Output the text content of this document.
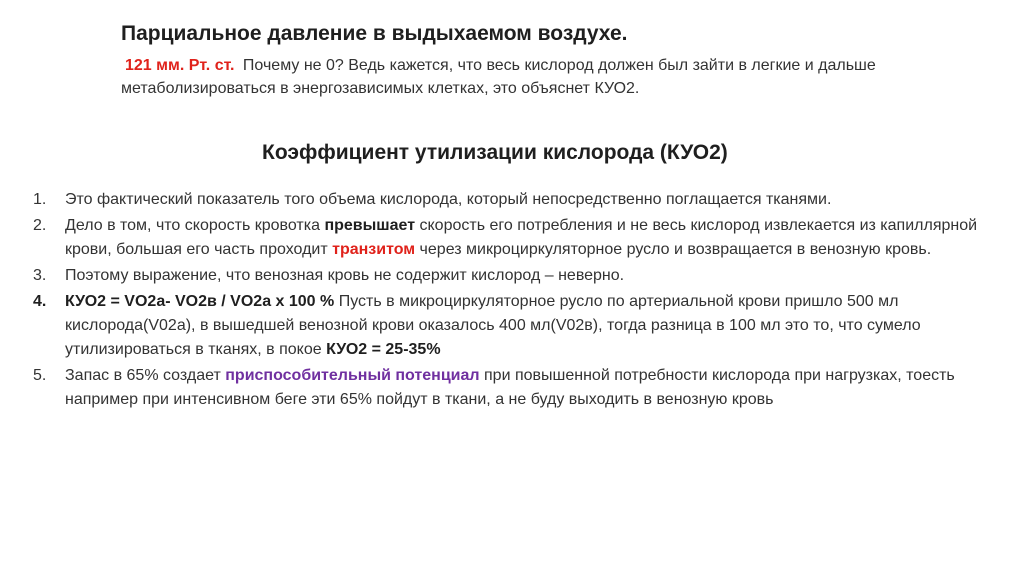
Парциальное давление в выдыхаемом воздухе.

121 мм. Рт. ст. Почему не 0? Ведь кажется, что весь кислород должен был зайти в легкие и дальше метаболизироваться в энергозависимых клетках, это объяснет КУО2.

Коэффициент утилизации кислорода (КУО2)
1.	Это фактический показатель того объема кислорода, который непосредственно поглащается тканями.
2.	Дело в том, что скорость кровотка превышает скорость его потребления и не весь кислород извлекается из капиллярной крови, большая его часть проходит транзитом через микроциркуляторное русло и возвращается в венозную кровь.
3.	Поэтому выражение, что венозная кровь не содержит кислород – неверно.
4.	КУО2 = VO2a- VO2в / VO2a x 100 % Пусть в микроциркуляторное русло по артериальной крови пришло 500 мл кислорода(V02а), в вышедшей венозной крови оказалось 400 мл(V02в), тогда разница в 100 мл это то, что сумело утилизироваться в тканях, в покое КУО2 = 25-35%
5.	Запас в 65% создает приспособительный потенциал при повышенной потребности кислорода при нагрузках, тоесть например при интенсивном беге эти 65% пойдут в ткани, а не буду выходить в венозную кровь
